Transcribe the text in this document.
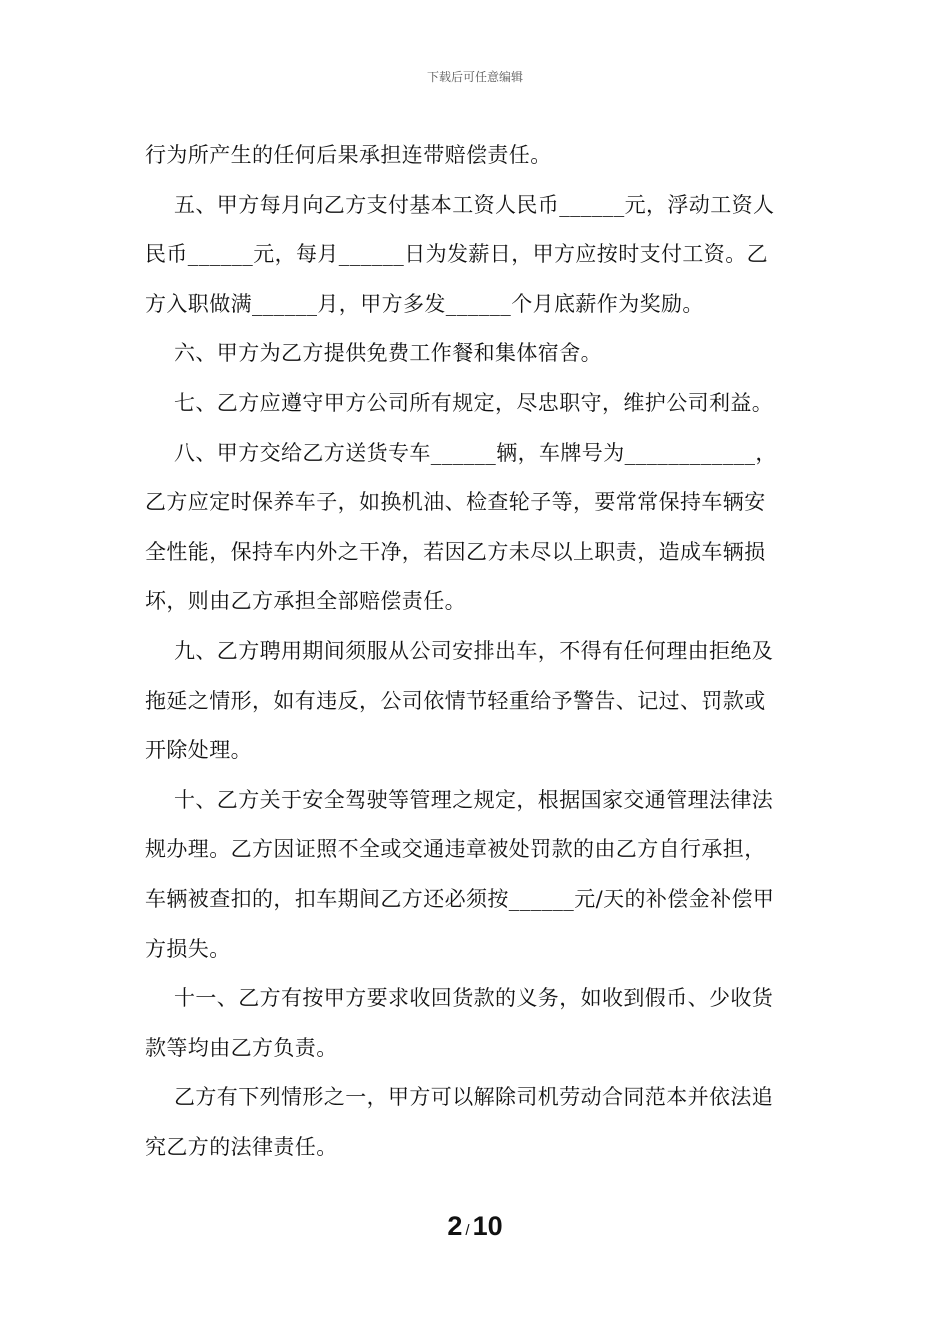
下载后可任意编辑
行为所产生的任何后果承担连带赔偿责任。
五、甲方每月向乙方支付基本工资人民币______元，浮动工资人
民币______元，每月______日为发薪日，甲方应按时支付工资。乙
方入职做满______月，甲方多发______个月底薪作为奖励。
六、甲方为乙方提供免费工作餐和集体宿舍。
七、乙方应遵守甲方公司所有规定，尽忠职守，维护公司利益。
八、甲方交给乙方送货专车______辆，车牌号为____________，
乙方应定时保养车子，如换机油、检查轮子等，要常常保持车辆安
全性能，保持车内外之干净，若因乙方未尽以上职责，造成车辆损
坏，则由乙方承担全部赔偿责任。
九、乙方聘用期间须服从公司安排出车，不得有任何理由拒绝及
拖延之情形，如有违反，公司依情节轻重给予警告、记过、罚款或
开除处理。
十、乙方关于安全驾驶等管理之规定，根据国家交通管理法律法
规办理。乙方因证照不全或交通违章被处罚款的由乙方自行承担，
车辆被查扣的，扣车期间乙方还必须按______元/天的补偿金补偿甲
方损失。
十一、乙方有按甲方要求收回货款的义务，如收到假币、少收货
款等均由乙方负责。
乙方有下列情形之一，甲方可以解除司机劳动合同范本并依法追
究乙方的法律责任。
2 / 10
